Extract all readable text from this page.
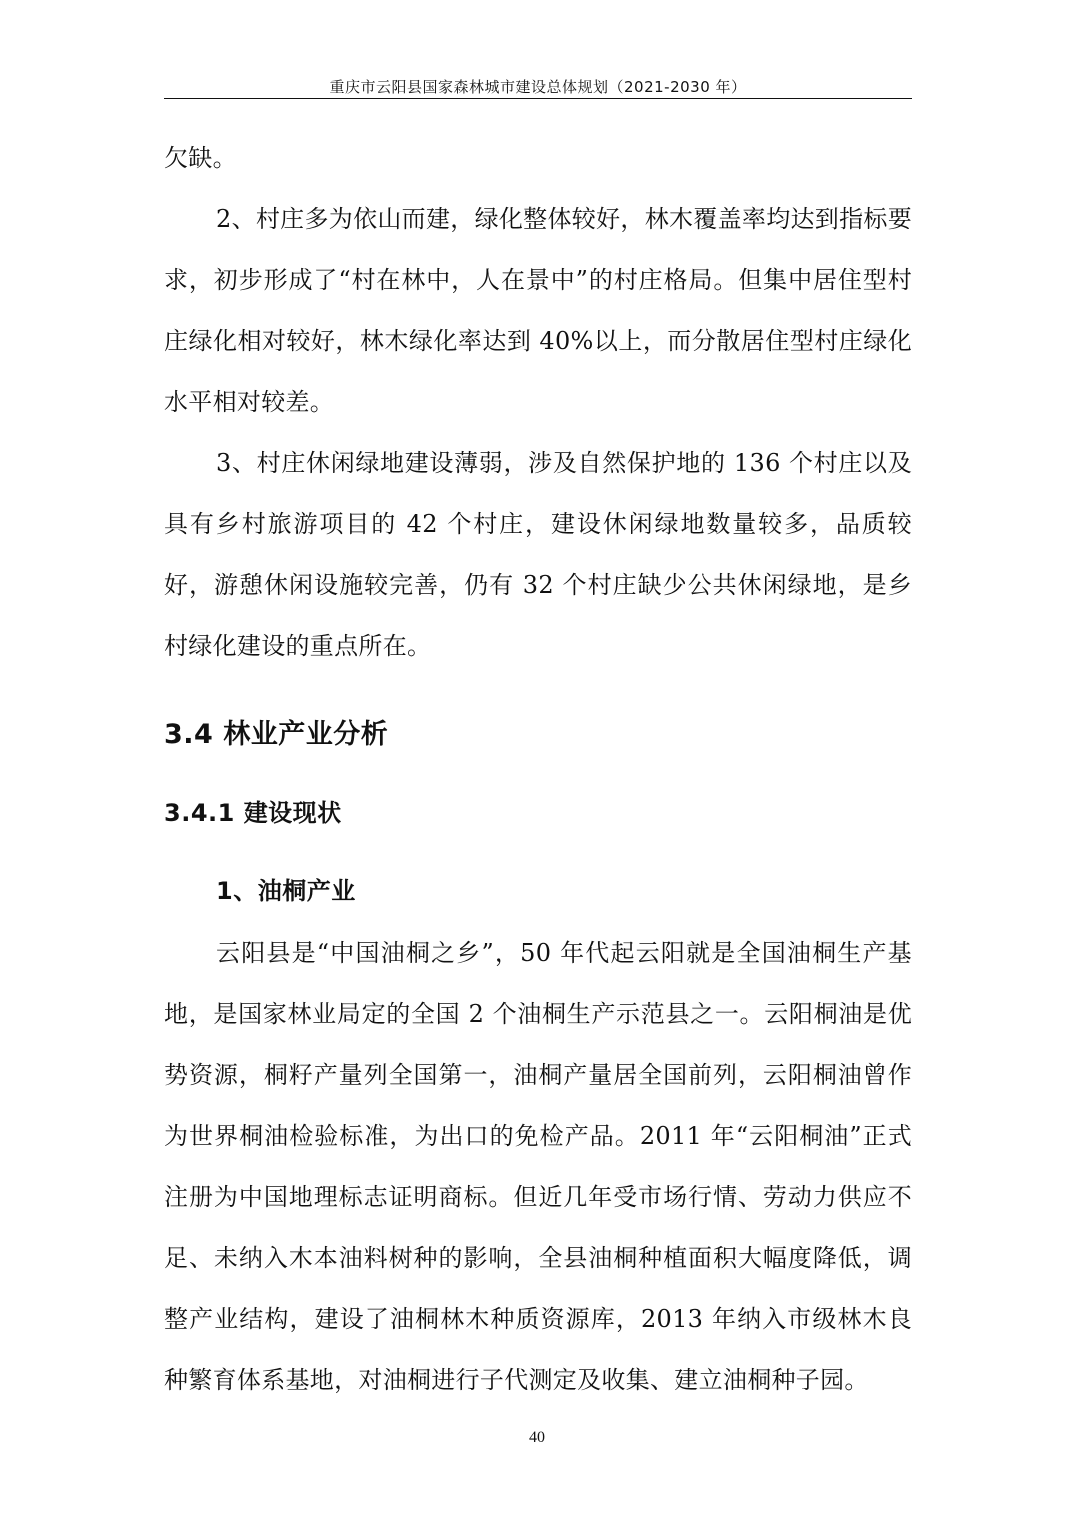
重庆市云阳县国家森林城市建设总体规划（2021-2030 年）

欠缺。

2、村庄多为依山而建，绿化整体较好，林木覆盖率均达到指标要求，初步形成了“村在林中，人在景中”的村庄格局。但集中居住型村庄绿化相对较好，林木绿化率达到 40%以上，而分散居住型村庄绿化水平相对较差。

3、村庄休闲绿地建设薄弱，涉及自然保护地的 136 个村庄以及具有乡村旅游项目的 42 个村庄，建设休闲绿地数量较多，品质较好，游憩休闲设施较完善，仍有 32 个村庄缺少公共休闲绿地，是乡村绿化建设的重点所在。

3.4 林业产业分析
3.4.1 建设现状
1、油桐产业

云阳县是“中国油桐之乡”，50 年代起云阳就是全国油桐生产基地，是国家林业局定的全国 2 个油桐生产示范县之一。云阳桐油是优势资源，桐籽产量列全国第一，油桐产量居全国前列，云阳桐油曾作为世界桐油检验标准，为出口的免检产品。2011 年“云阳桐油”正式注册为中国地理标志证明商标。但近几年受市场行情、劳动力供应不足、未纳入木本油料树种的影响，全县油桐种植面积大幅度降低，调整产业结构，建设了油桐林木种质资源库，2013 年纳入市级林木良种繁育体系基地，对油桐进行子代测定及收集、建立油桐种子园。

40
